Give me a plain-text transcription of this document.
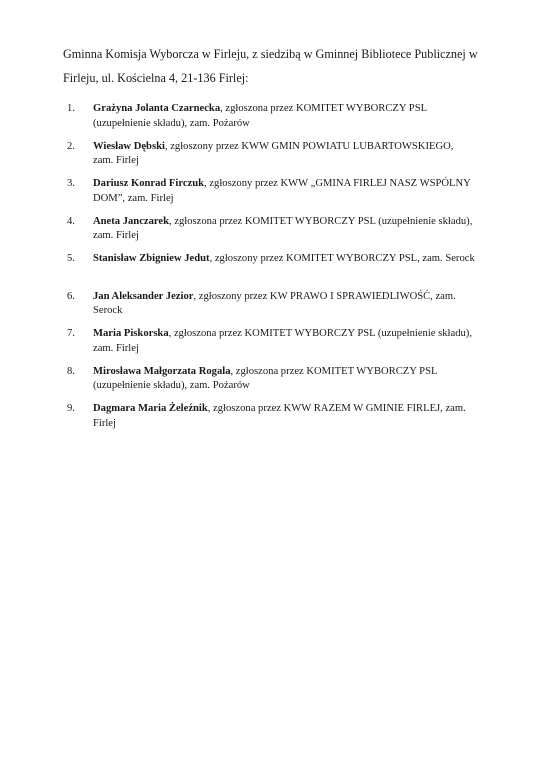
Gminna Komisja Wyborcza w Firleju, z siedzibą w Gminnej Bibliotece Publicznej w Firleju, ul. Kościelna 4, 21-136 Firlej:

1.	Grażyna Jolanta Czarnecka, zgłoszona przez KOMITET WYBORCZY PSL (uzupełnienie składu), zam. Pożarów
2.	Wiesław Dębski, zgłoszony przez KWW GMIN POWIATU LUBARTOWSKIEGO, zam. Firlej
3.	Dariusz Konrad Firczuk, zgłoszony przez KWW „GMINA FIRLEJ NASZ WSPÓLNY DOM”, zam. Firlej
4.	Aneta Janczarek, zgłoszona przez KOMITET WYBORCZY PSL (uzupełnienie składu), zam. Firlej
5.	Stanisław Zbigniew Jedut, zgłoszony przez KOMITET WYBORCZY PSL, zam. Serock
6.	Jan Aleksander Jezior, zgłoszony przez KW PRAWO I SPRAWIEDLIWOŚĆ, zam. Serock
7.	Maria Piskorska, zgłoszona przez KOMITET WYBORCZY PSL (uzupełnienie składu), zam. Firlej
8.	Mirosława Małgorzata Rogala, zgłoszona przez KOMITET WYBORCZY PSL (uzupełnienie składu), zam. Pożarów
9.	Dagmara Maria Żeleźnik, zgłoszona przez KWW RAZEM W GMINIE FIRLEJ, zam. Firlej
